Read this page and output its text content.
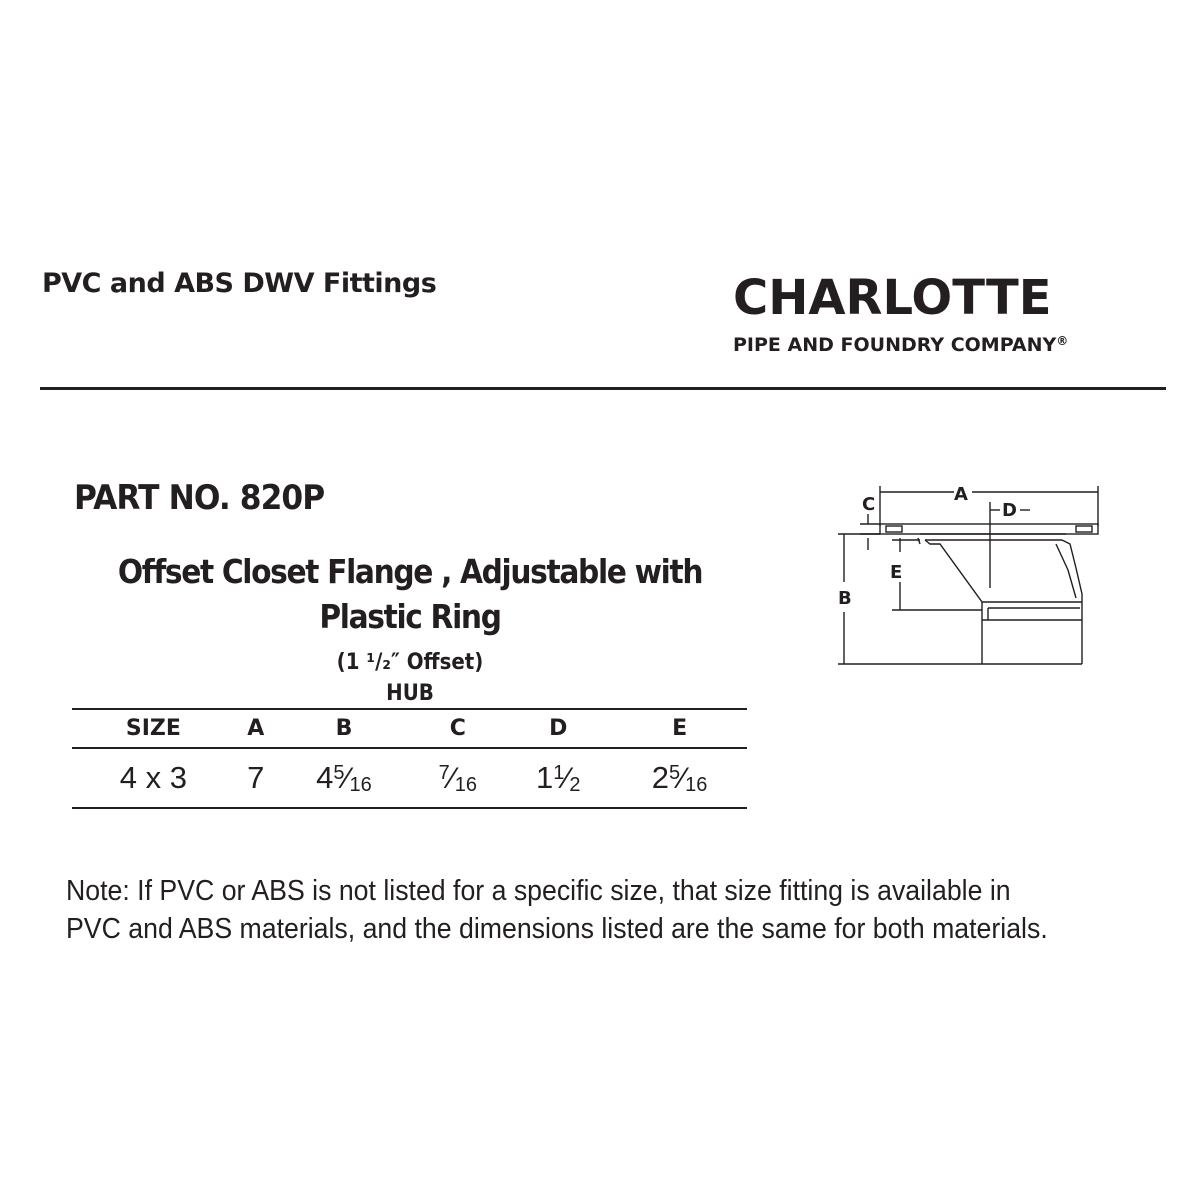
PVC and ABS DWV Fittings	CHARLOTTE
PIPE AND FOUNDRY COMPANY®
PART NO. 820P
Offset Closet Flange , Adjustable with
Plastic Ring
(1 ¹/₂″ Offset)
HUB
SIZE	A	B	C	D	E
4 x 3	7	$4^5⁄16$	$^7$⁄16	$1^1⁄2$	$2^5⁄16$
A
D
C
E
B
Note: If PVC or ABS is not listed for a specific size, that size fitting is available in PVC and ABS materials, and the dimensions listed are the same for both materials.
